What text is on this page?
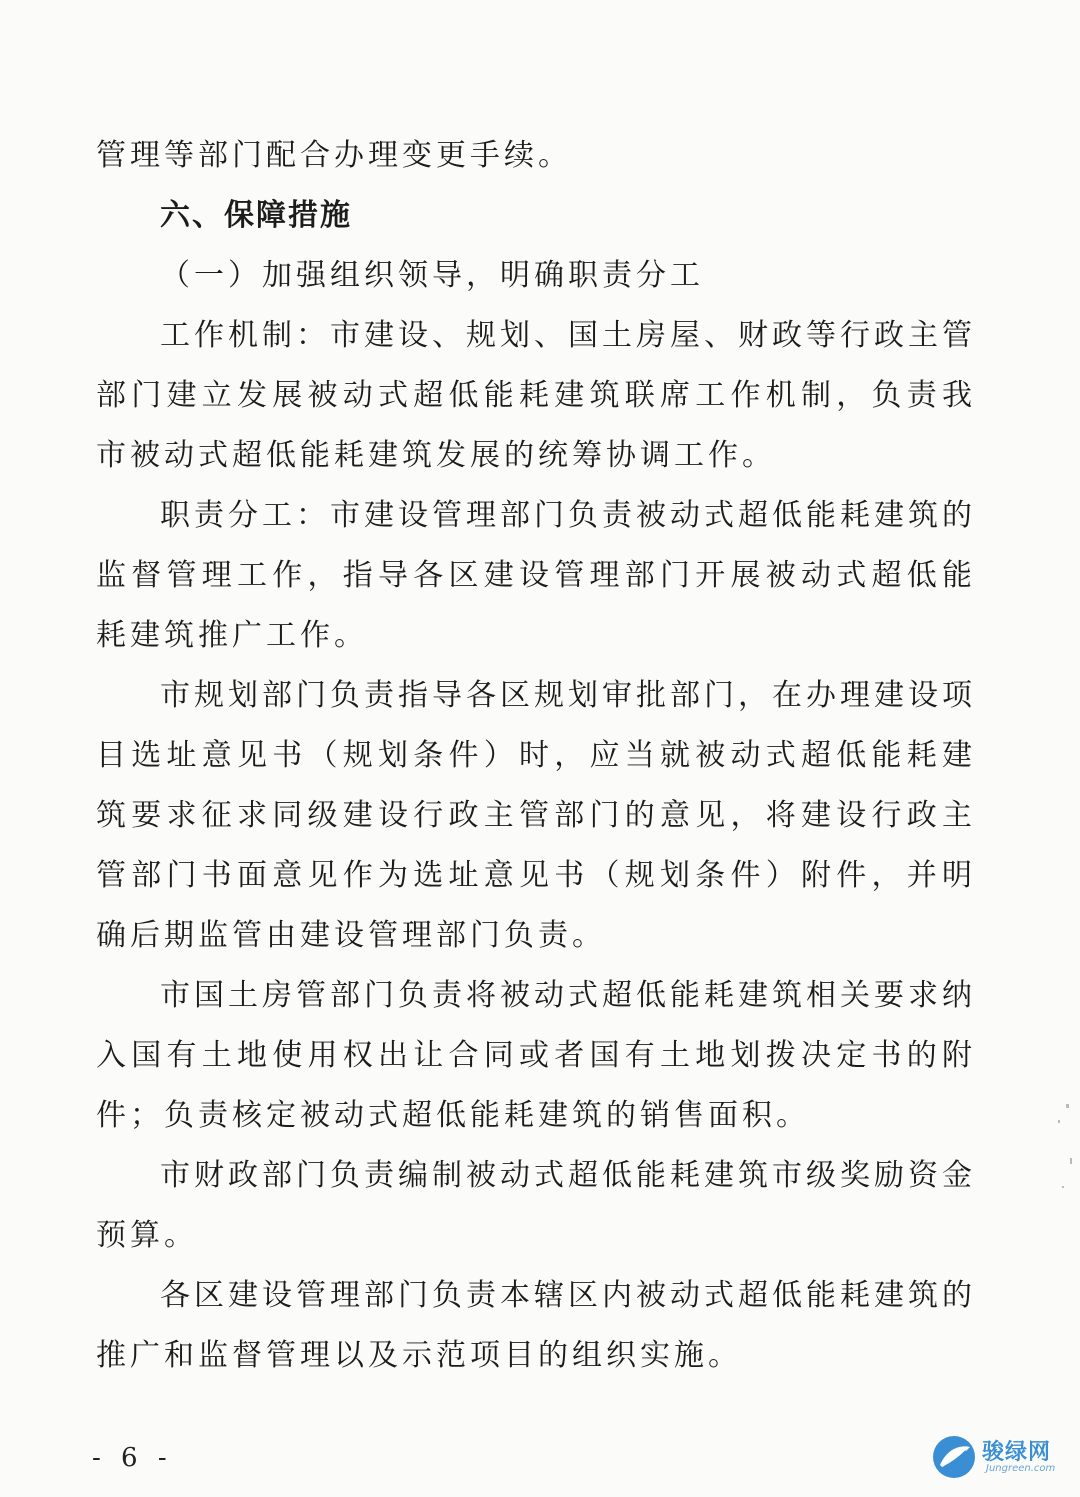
管理等部门配合办理变更手续。

六、保障措施

（一）加强组织领导，明确职责分工

工作机制：市建设、规划、国土房屋、财政等行政主管部门建立发展被动式超低能耗建筑联席工作机制，负责我市被动式超低能耗建筑发展的统筹协调工作。

职责分工：市建设管理部门负责被动式超低能耗建筑的监督管理工作，指导各区建设管理部门开展被动式超低能耗建筑推广工作。

市规划部门负责指导各区规划审批部门，在办理建设项目选址意见书（规划条件）时，应当就被动式超低能耗建筑要求征求同级建设行政主管部门的意见，将建设行政主管部门书面意见作为选址意见书（规划条件）附件，并明确后期监管由建设管理部门负责。

市国土房管部门负责将被动式超低能耗建筑相关要求纳入国有土地使用权出让合同或者国有土地划拨决定书的附件；负责核定被动式超低能耗建筑的销售面积。

市财政部门负责编制被动式超低能耗建筑市级奖励资金预算。

各区建设管理部门负责本辖区内被动式超低能耗建筑的推广和监督管理以及示范项目的组织实施。

- 6 -	骏绿网
Jungreen.com
